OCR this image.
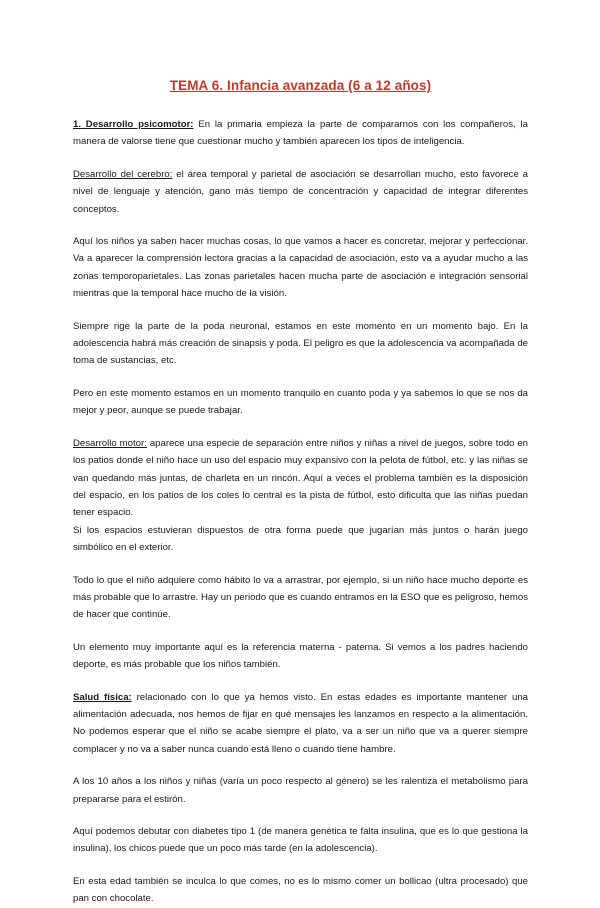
TEMA 6. Infancia avanzada (6 a 12 años)

1. Desarrollo psicomotor: En la primaria empieza la parte de compararnos con los compañeros, la manera de valorse tiene que cuestionar mucho y también aparecen los tipos de inteligencia.

Desarrollo del cerebro: el área temporal y parietal de asociación se desarrollan mucho, esto favorece a nivel de lenguaje y atención, gano más tiempo de concentración y capacidad de integrar diferentes conceptos.

Aquí los niños ya saben hacer muchas cosas, lo que vamos a hacer es concretar, mejorar y perfeccionar. Va a aparecer la comprensión lectora gracias a la capacidad de asociación, esto va a ayudar mucho a las zonas temporoparietales. Las zonas parietales hacen mucha parte de asociación e integración sensorial mientras que la temporal hace mucho de la visión.

Siempre rige la parte de la poda neuronal, estamos en este momento en un momento bajo. En la adolescencia habrá más creación de sinapsis y poda. El peligro es que la adolescencia va acompañada de toma de sustancias, etc.

Pero en este momento estamos en un momento tranquilo en cuanto poda y ya sabemos lo que se nos da mejor y peor, aunque se puede trabajar.

Desarrollo motor: aparece una especie de separación entre niños y niñas a nivel de juegos, sobre todo en los patios donde el niño hace un uso del espacio muy expansivo con la pelota de fútbol, etc. y las niñas se van quedando más juntas, de charleta en un rincón. Aquí a veces el problema también es la disposición del espacio, en los patios de los coles lo central es la pista de fútbol, esto dificulta que las niñas puedan tener espacio.

Si los espacios estuvieran dispuestos de otra forma puede que jugarían más juntos o harán juego simbólico en el exterior.

Todo lo que el niño adquiere como hábito lo va a arrastrar, por ejemplo, si un niño hace mucho deporte es más probable que lo arrastre. Hay un periodo que es cuando entramos en la ESO que es peligroso, hemos de hacer que continúe.

Un elemento muy importante aquí es la referencia materna - paterna. Si vemos a los padres haciendo deporte, es más probable que los niños también.

Salud física: relacionado con lo que ya hemos visto. En estas edades es importante mantener una alimentación adecuada, nos hemos de fijar en qué mensajes les lanzamos en respecto a la alimentación. No podemos esperar que el niño se acabe siempre el plato, va a ser un niño que va a querer siempre complacer y no va a saber nunca cuando está lleno o cuando tiene hambre.

A los 10 años a los niños y niñas (varía un poco respecto al género) se les ralentiza el metabolismo para prepararse para el estirón.

Aquí podemos debutar con diabetes tipo 1 (de manera genética te falta insulina, que es lo que gestiona la insulina), los chicos puede que un poco más tarde (en la adolescencia).

En esta edad también se inculca lo que comes, no es lo mismo comer un bollicao (ultra procesado) que pan con chocolate.
